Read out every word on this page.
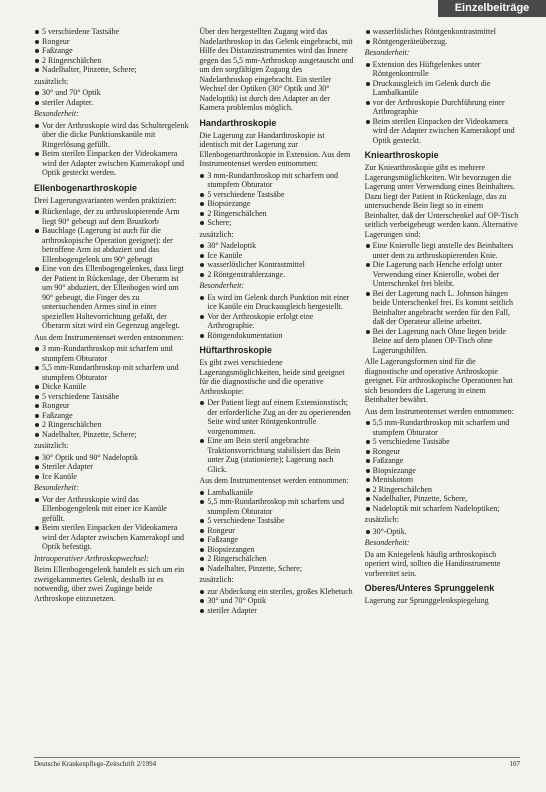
Einzelbeiträge
5 verschiedene Tastsäbe
Rongeur
Faßzange
2 Ringerschälchen
Nadelhalter, Pinzette, Schere;

zusätzlich:

30° und 70° Optik
steriler Adapter.

Besonderheit:

Vor der Arthroskopie wird das Schultergelenk über die dicke Punktionskanüle mit Ringerlösung gefüllt.
Beim sterilen Einpacken der Videokamera wird der Adapter zwischen Kamerakopf und Optik gesteckt werden.
Ellenbogenarthroskopie

Drei Lagerungsvarianten werden praktiziert:

Rückenlage, der zu arthroskopierende Arm liegt 90° gebeugt auf dem Brustkorb
Bauchlage (Lagerung ist auch für die arthroskopische Operation geeignet): der betroffene Arm ist abduziert und das Ellenbogengelenk um 90° gebeugt
Eine von des Ellenbogengelenkes, dass liegt der Patient in Rückenlage, der Oberarm ist um 90° abduziert, der Ellenbogen wird um 90° gebeugt, die Finger des zu untersuchenden Armes sind in einer speziellen Haltevorrichtung gefaßt, der Oberarm sitzt wird ein Gegenzug angelegt.

Aus dem Instrumentenset werden entnommen:

3 mm-Rundarthroskop mit scharfem und stumpfem Obturator
5,5 mm-Rundarthroskop mit scharfem und stumpfem Obturator
Dicke Kanüle
5 verschiedene Tastsäbe
Rongeur
Faßzange
2 Ringerschälchen
Nadelhalter, Pinzette, Schere;

zusätzlich:

30° Optik und 90° Nadeloptik
Steriler Adapter
Ice Kanüle

Besonderheit:

Vor der Arthroskopie wird das Ellenbogengelenk mit einer ice Kanüle gefüllt.
Beim sterilen Einpacken der Videokamera wird der Adapter zwischen Kamerakopf und Optik befestigt.

Intraoperativer Arthroskopwechsel:

Beim Ellenbogengelenk handelt es sich um ein zweigekammertes Gelenk, deshalb ist es notwendig, über zwei Zugänge beide Arthroskope einzusetzen.

Über den hergestellten Zugang wird das Nadelarthroskop in das Gelenk eingebracht, mit Hilfe des Distanzinstrumentes wird das Innere gegen das 5,5 mm-Arthroskop ausgetauscht und um den sorgfältigen Zugang des Nadelarthroskop eingebracht. Ein steriler Wechsel der Optiken (30° Optik und 30° Nadeloptik) ist durch den Adapter an der Kamera problemlos möglich.

Handarthroskopie

Die Lagerung zur Handarthroskopie ist identisch mit der Lagerung zur Ellenbogenarthroskopie in Extension. Aus dem Instrumentenset werden entnommen:

3 mm-Rundarthroskop mit scharfem und stumpfem Obturator
5 verschiedene Tastsäbe
Biopsiezange
2 Ringerschälchen
Schere;

zusätzlich:

30° Nadeloptik
Ice Kanüle
wasserlöslicher Kontrastmittel
2 Röntgenstrahlerzange.

Besonderheit:

Es wird im Gelenk durch Punktion mit einer ice Kanüle ein Druckausgleich hergestellt.
Vor der Arthroskopie erfolgt eine Arthrographie.
Röntgendokumentation
Hüftarthroskopie

Es gibt zwei verschiedene Lagerungsmöglichkeiten, beide sind geeignet für die diagnostische und die operative Arthroskopie:

Der Patient liegt auf einem Extensionstisch; der erforderliche Zug an der zu operierenden Seite wird unter Röntgenkontrolle vorgenommen.
Eine am Bein steril angebrachte Traktionsvorrichtung stabilisiert das Bein unter Zug (stationierte); Lagerung nach Glick.

Aus dem Instrumentenset werden entnommen:

Lambalkanüle
5,5 mm-Rundarthroskop mit scharfem und stumpfem Obturator
5 verschiedene Tastsäbe
Rongeur
Faßzange
Biopsiezangen
2 Ringerschälchen
Nadelhalter, Pinzette, Schere;

zusätzlich:

zur Abdeckung ein steriles, großes Klebetuch
30° und 70° Optik
steriler Adapter
wasserlösliches Röntgenkontrastmittel
Röntgengeräteüberzug.

Besonderheit:

Extension des Hüftgelenkes unter Röntgenkontrolle
Druckausgleich im Gelenk durch die Lambalkanüle
vor der Arthroskopie Durchführung einer Arthrographie
Beim sterilen Einpacken der Videokamera wird der Adapter zwischen Kamerakopf und Optik gesteckt.
Kniearthroskopie

Zur Kniearthroskopie gibt es mehrere Lagerungsmöglichkeiten. Wir bevorzugen die Lagerung unter Verwendung eines Beinhalters. Dazu liegt der Patient in Rückenlage, das zu untersuchende Bein liegt so in einem Beinhalter, daß der Unterschenkel auf OP-Tisch seitlich verbeigebeugt werden kann. Alternative Lagerungen sind:

Eine Knierolle liegt anstelle des Beinhalters unter dem zu arthroskopierenden Knie.
Die Lagerung nach Henche erfolgt unter Verwendung einer Knierolle, wobei der Unterschenkel frei bleibt.
Bei der Lagerung nach L. Johnson hängen beide Unterschenkel frei. Es kommt seitlich Beinhalter angebracht werden für den Fall, daß der Operateur alleine arbeitet.
Bei der Lagerung nach Ohne liegen beide Beine auf dem planen OP-Tisch ohne Lagerungshilfen.

Alle Lagerungsformen sind für die diagnostische und operative Arthroskopie geeignet. Für arthroskopische Operationen hat sich besonders die Lagerung in einem Beinhalter bewährt.

Aus dem Instrumentenset werden entnommen:

5,5 mm-Rundarthroskop mit scharfem und stumpfem Obturator
5 verschiedene Tastsäbe
Rongeur
Faßzange
Biopsiezange
Meniskotom
2 Ringerschälchen
Nadelhalter, Pinzette, Schere,
Nadeloptik mit scharfem Nadeloptiken;

zusätzlich:

30°-Optik.

Besonderheit:

Da am Kniegelenk häufig arthroskopisch operiert wird, sollten die Handinstrumente vorbereitet sein.

Oberes/Unteres Sprunggelenk

Lagerung zur Sprunggelenkspiegelung

Deutsche Krankenpflege-Zeitschrift 2/1994	107
